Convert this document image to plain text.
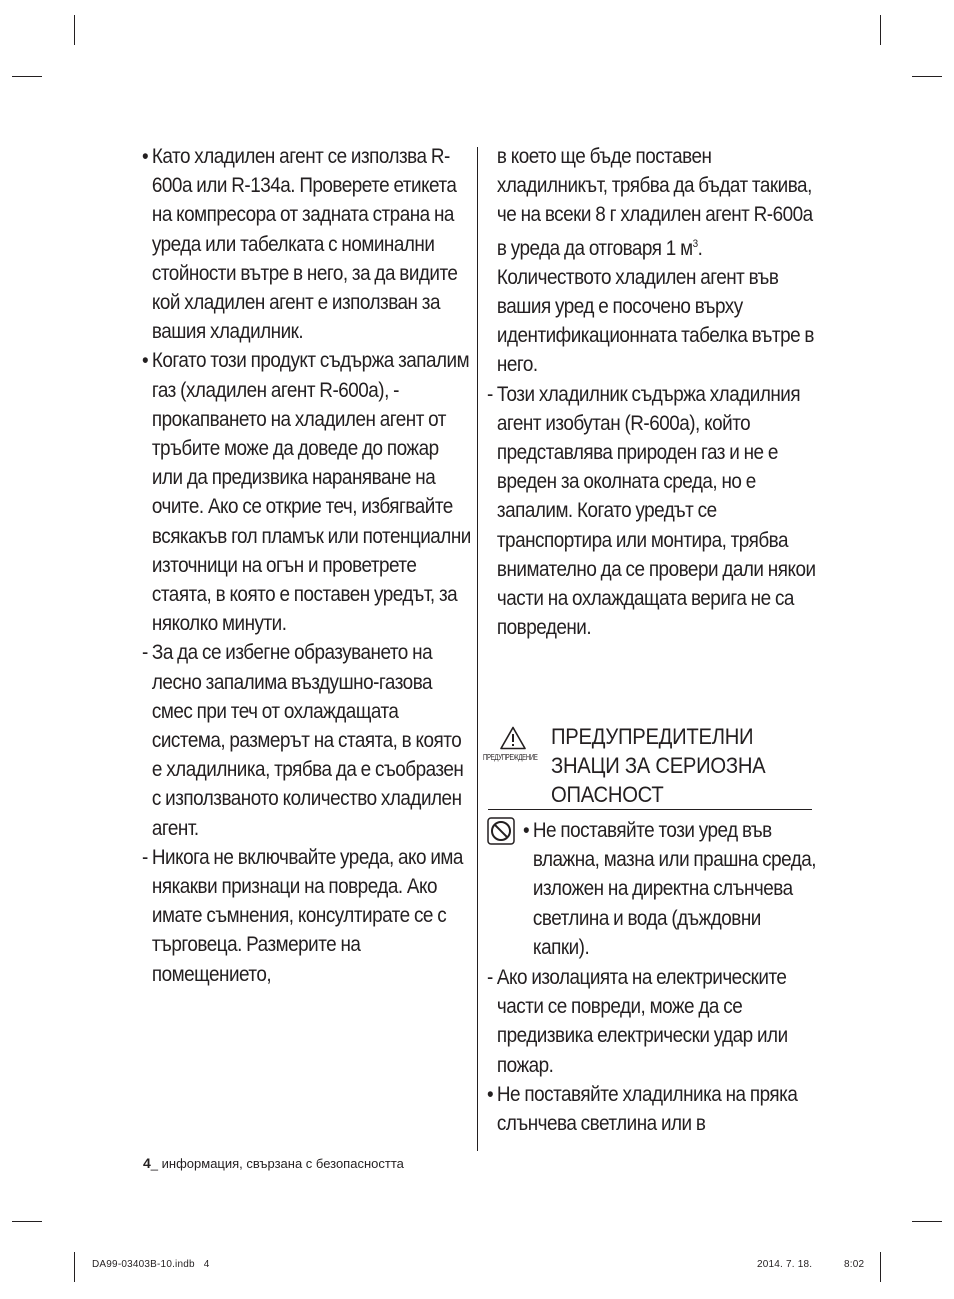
• Като хладилен агент се използва R-600a или R-134a. Проверете етикета на компресора от задната страна на уреда или табелката с номинални стойности вътре в него, за да видите кой хладилен агент е използван за вашия хладилник.
• Когато този продукт съдържа запалим газ (хладилен агент R-600a), - прокапването на хладилен агент от тръбите може да доведе до пожар или да предизвика нараняване на очите. Ако се открие теч, избягвайте всякакъв гол пламък или потенциални източници на огън и проветрете стаята, в която е поставен уредът, за няколко минути.
- За да се избегне образуването на лесно запалима въздушно-газова смес при теч от охлаждащата система, размерът на стаята, в която е хладилника, трябва да е съобразен с използваното количество хладилен агент.
- Никога не включвайте уреда, ако има някакви признаци на повреда. Ако имате съмнения, консултирате се с търговеца. Размерите на помещението,
в което ще бъде поставен хладилникът, трябва да бъдат такива, че на всеки 8 г хладилен агент R-600a в уреда да отговаря 1 $м^3$.
Количеството хладилен агент във вашия уред е посочено върху идентификационната табелка вътре в него.
- Този хладилник съдържа хладилния агент изобутан (R-600a), който представлява природен газ и не е вреден за околната среда, но е запалим. Когато уредът се транспортира или монтира, трябва внимателно да се провери дали някои части на охлаждащата верига не са повредени.
ПРЕДУПРЕЖДЕНИЕ
ПРЕДУПРЕДИТЕЛНИ
ЗНАЦИ ЗА СЕРИОЗНА
ОПАСНОСТ
• Не поставяйте този уред във влажна, мазна или прашна среда, изложен на директна слънчева светлина и вода (дъждовни капки).
- Ако изолацията на електрическите части се повреди, може да се предизвика електрически удар или пожар.
• Не поставяйте хладилника на пряка слънчева светлина или в
4_ информация, свързана с безопасността
DA99-03403B-10.indb 4	2014. 7. 18.	8:02
